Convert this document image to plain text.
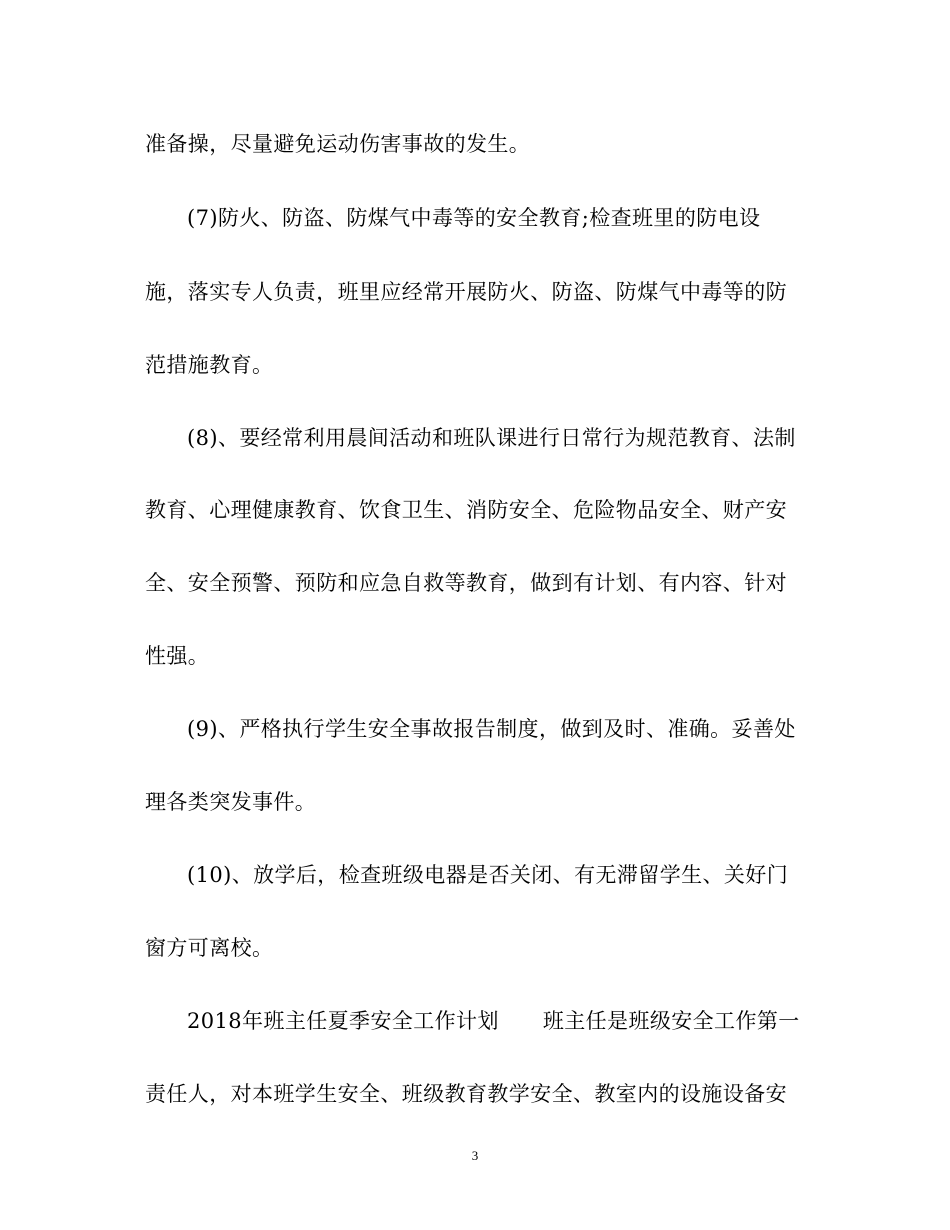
准备操，尽量避免运动伤害事故的发生。
(7)防火、防盗、防煤气中毒等的安全教育;检查班里的防电设
施，落实专人负责，班里应经常开展防火、防盗、防煤气中毒等的防
范措施教育。
(8)、要经常利用晨间活动和班队课进行日常行为规范教育、法制
教育、心理健康教育、饮食卫生、消防安全、危险物品安全、财产安
全、安全预警、预防和应急自救等教育，做到有计划、有内容、针对
性强。
(9)、严格执行学生安全事故报告制度，做到及时、准确。妥善处
理各类突发事件。
(10)、放学后，检查班级电器是否关闭、有无滞留学生、关好门
窗方可离校。
2018年班主任夏季安全工作计划 班主任是班级安全工作第一
责任人，对本班学生安全、班级教育教学安全、教室内的设施设备安
3
